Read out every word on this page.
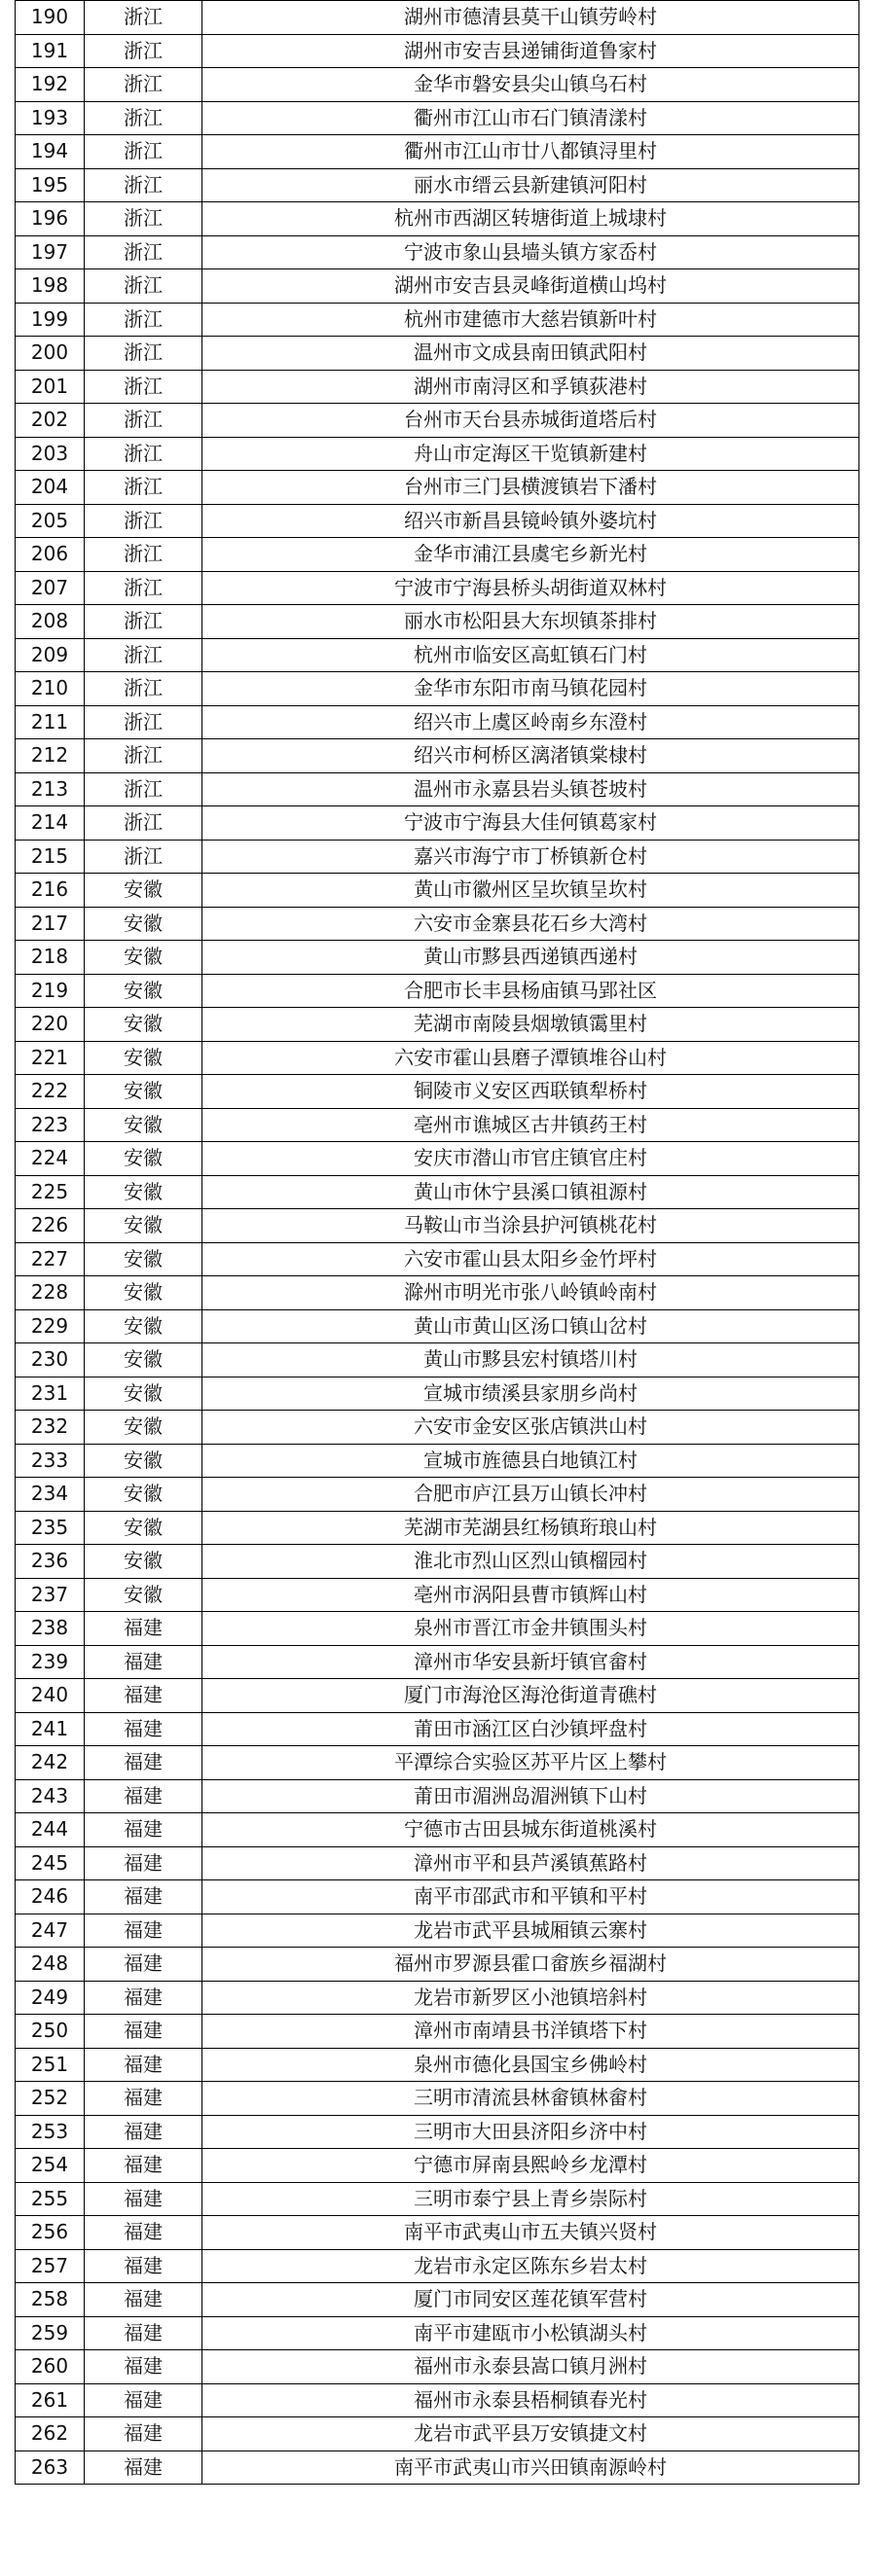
190	浙江	湖州市德清县莫干山镇劳岭村
191	浙江	湖州市安吉县递铺街道鲁家村
192	浙江	金华市磐安县尖山镇乌石村
193	浙江	衢州市江山市石门镇清漾村
194	浙江	衢州市江山市廿八都镇浔里村
195	浙江	丽水市缙云县新建镇河阳村
196	浙江	杭州市西湖区转塘街道上城埭村
197	浙江	宁波市象山县墙头镇方家岙村
198	浙江	湖州市安吉县灵峰街道横山坞村
199	浙江	杭州市建德市大慈岩镇新叶村
200	浙江	温州市文成县南田镇武阳村
201	浙江	湖州市南浔区和孚镇荻港村
202	浙江	台州市天台县赤城街道塔后村
203	浙江	舟山市定海区干览镇新建村
204	浙江	台州市三门县横渡镇岩下潘村
205	浙江	绍兴市新昌县镜岭镇外婆坑村
206	浙江	金华市浦江县虞宅乡新光村
207	浙江	宁波市宁海县桥头胡街道双林村
208	浙江	丽水市松阳县大东坝镇茶排村
209	浙江	杭州市临安区高虹镇石门村
210	浙江	金华市东阳市南马镇花园村
211	浙江	绍兴市上虞区岭南乡东澄村
212	浙江	绍兴市柯桥区漓渚镇棠棣村
213	浙江	温州市永嘉县岩头镇苍坡村
214	浙江	宁波市宁海县大佳何镇葛家村
215	浙江	嘉兴市海宁市丁桥镇新仓村
216	安徽	黄山市徽州区呈坎镇呈坎村
217	安徽	六安市金寨县花石乡大湾村
218	安徽	黄山市黟县西递镇西递村
219	安徽	合肥市长丰县杨庙镇马郢社区
220	安徽	芜湖市南陵县烟墩镇霭里村
221	安徽	六安市霍山县磨子潭镇堆谷山村
222	安徽	铜陵市义安区西联镇犁桥村
223	安徽	亳州市谯城区古井镇药王村
224	安徽	安庆市潜山市官庄镇官庄村
225	安徽	黄山市休宁县溪口镇祖源村
226	安徽	马鞍山市当涂县护河镇桃花村
227	安徽	六安市霍山县太阳乡金竹坪村
228	安徽	滁州市明光市张八岭镇岭南村
229	安徽	黄山市黄山区汤口镇山岔村
230	安徽	黄山市黟县宏村镇塔川村
231	安徽	宣城市绩溪县家朋乡尚村
232	安徽	六安市金安区张店镇洪山村
233	安徽	宣城市旌德县白地镇江村
234	安徽	合肥市庐江县万山镇长冲村
235	安徽	芜湖市芜湖县红杨镇珩琅山村
236	安徽	淮北市烈山区烈山镇榴园村
237	安徽	亳州市涡阳县曹市镇辉山村
238	福建	泉州市晋江市金井镇围头村
239	福建	漳州市华安县新圩镇官畲村
240	福建	厦门市海沧区海沧街道青礁村
241	福建	莆田市涵江区白沙镇坪盘村
242	福建	平潭综合实验区苏平片区上攀村
243	福建	莆田市湄洲岛湄洲镇下山村
244	福建	宁德市古田县城东街道桃溪村
245	福建	漳州市平和县芦溪镇蕉路村
246	福建	南平市邵武市和平镇和平村
247	福建	龙岩市武平县城厢镇云寨村
248	福建	福州市罗源县霍口畲族乡福湖村
249	福建	龙岩市新罗区小池镇培斜村
250	福建	漳州市南靖县书洋镇塔下村
251	福建	泉州市德化县国宝乡佛岭村
252	福建	三明市清流县林畲镇林畲村
253	福建	三明市大田县济阳乡济中村
254	福建	宁德市屏南县熙岭乡龙潭村
255	福建	三明市泰宁县上青乡崇际村
256	福建	南平市武夷山市五夫镇兴贤村
257	福建	龙岩市永定区陈东乡岩太村
258	福建	厦门市同安区莲花镇军营村
259	福建	南平市建瓯市小松镇湖头村
260	福建	福州市永泰县嵩口镇月洲村
261	福建	福州市永泰县梧桐镇春光村
262	福建	龙岩市武平县万安镇捷文村
263	福建	南平市武夷山市兴田镇南源岭村
